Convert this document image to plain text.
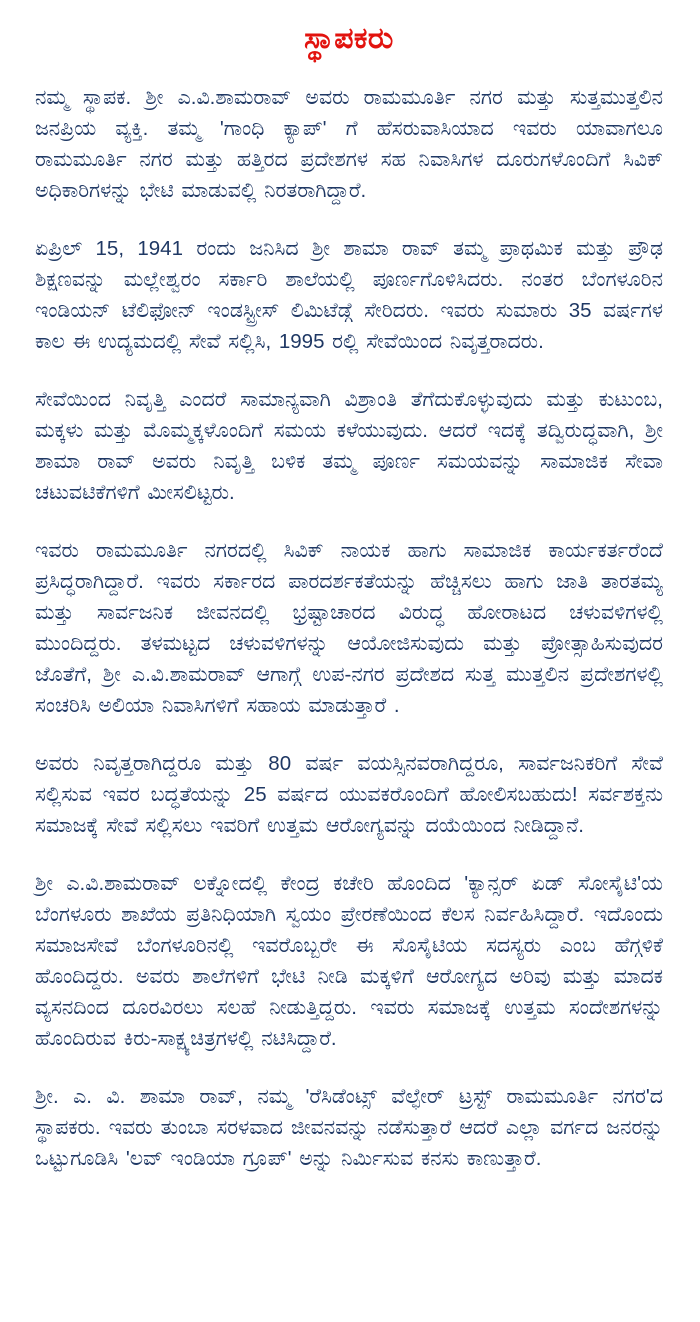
ಸ್ಥಾಪಕರು

ನಮ್ಮ ಸ್ಥಾಪಕ. ಶ್ರೀ ಎ.ವಿ.ಶಾಮರಾವ್ ಅವರು ರಾಮಮೂರ್ತಿ ನಗರ ಮತ್ತು ಸುತ್ತಮುತ್ತಲಿನ ಜನಪ್ರಿಯ ವ್ಯಕ್ತಿ. ತಮ್ಮ 'ಗಾಂಧಿ ಕ್ಯಾಪ್' ಗೆ ಹೆಸರುವಾಸಿಯಾದ ಇವರು ಯಾವಾಗಲೂ ರಾಮಮೂರ್ತಿ ನಗರ ಮತ್ತು ಹತ್ತಿರದ ಪ್ರದೇಶಗಳ ಸಹ ನಿವಾಸಿಗಳ ದೂರುಗಳೊಂದಿಗೆ ಸಿವಿಕ್ ಅಧಿಕಾರಿಗಳನ್ನು ಭೇಟಿ ಮಾಡುವಲ್ಲಿ ನಿರತರಾಗಿದ್ದಾರೆ.

ಏಪ್ರಿಲ್ 15, 1941 ರಂದು ಜನಿಸಿದ ಶ್ರೀ ಶಾಮಾ ರಾವ್ ತಮ್ಮ ಪ್ರಾಥಮಿಕ ಮತ್ತು ಪ್ರೌಢ ಶಿಕ್ಷಣವನ್ನು ಮಲ್ಲೇಶ್ವರಂ ಸರ್ಕಾರಿ ಶಾಲೆಯಲ್ಲಿ ಪೂರ್ಣಗೊಳಿಸಿದರು. ನಂತರ ಬೆಂಗಳೂರಿನ ಇಂಡಿಯನ್ ಟೆಲಿಫೋನ್ ಇಂಡಸ್ಟ್ರೀಸ್ ಲಿಮಿಟೆಡ್ಗೆ ಸೇರಿದರು. ಇವರು ಸುಮಾರು 35 ವರ್ಷಗಳ ಕಾಲ ಈ ಉದ್ಯಮದಲ್ಲಿ ಸೇವೆ ಸಲ್ಲಿಸಿ, 1995 ರಲ್ಲಿ ಸೇವೆಯಿಂದ ನಿವೃತ್ತರಾದರು.

ಸೇವೆಯಿಂದ ನಿವೃತ್ತಿ ಎಂದರೆ ಸಾಮಾನ್ಯವಾಗಿ ವಿಶ್ರಾಂತಿ ತೆಗೆದುಕೊಳ್ಳುವುದು ಮತ್ತು ಕುಟುಂಬ, ಮಕ್ಕಳು ಮತ್ತು ಮೊಮ್ಮಕ್ಕಳೊಂದಿಗೆ ಸಮಯ ಕಳೆಯುವುದು. ಆದರೆ ಇದಕ್ಕೆ ತದ್ವಿರುದ್ಧವಾಗಿ, ಶ್ರೀ ಶಾಮಾ ರಾವ್ ಅವರು ನಿವೃತ್ತಿ ಬಳಿಕ ತಮ್ಮ ಪೂರ್ಣ ಸಮಯವನ್ನು ಸಾಮಾಜಿಕ ಸೇವಾ ಚಟುವಟಿಕೆಗಳಿಗೆ ಮೀಸಲಿಟ್ಟರು.

ಇವರು ರಾಮಮೂರ್ತಿ ನಗರದಲ್ಲಿ ಸಿವಿಕ್ ನಾಯಕ ಹಾಗು ಸಾಮಾಜಿಕ ಕಾರ್ಯಕರ್ತರೆಂದೆ ಪ್ರಸಿದ್ಧರಾಗಿದ್ದಾರೆ. ಇವರು ಸರ್ಕಾರದ ಪಾರದರ್ಶಕತೆಯನ್ನು ಹೆಚ್ಚಿಸಲು ಹಾಗು ಜಾತಿ ತಾರತಮ್ಯ ಮತ್ತು ಸಾರ್ವಜನಿಕ ಜೀವನದಲ್ಲಿ ಭ್ರಷ್ಟಾಚಾರದ ವಿರುದ್ಧ ಹೋರಾಟದ ಚಳುವಳಿಗಳಲ್ಲಿ ಮುಂದಿದ್ದರು. ತಳಮಟ್ಟದ ಚಳುವಳಿಗಳನ್ನು ಆಯೋಜಿಸುವುದು ಮತ್ತು ಪ್ರೋತ್ಸಾಹಿಸುವುದರ ಜೊತೆಗೆ, ಶ್ರೀ ಎ.ವಿ.ಶಾಮರಾವ್ ಆಗಾಗ್ಗೆ ಉಪ-ನಗರ ಪ್ರದೇಶದ ಸುತ್ತ ಮುತ್ತಲಿನ ಪ್ರದೇಶಗಳಲ್ಲಿ ಸಂಚರಿಸಿ ಅಲಿಯಾ ನಿವಾಸಿಗಳಿಗೆ ಸಹಾಯ ಮಾಡುತ್ತಾರೆ .

ಅವರು ನಿವೃತ್ತರಾಗಿದ್ದರೂ ಮತ್ತು 80 ವರ್ಷ ವಯಸ್ಸಿನವರಾಗಿದ್ದರೂ, ಸಾರ್ವಜನಿಕರಿಗೆ ಸೇವೆ ಸಲ್ಲಿಸುವ ಇವರ ಬದ್ಧತೆಯನ್ನು 25 ವರ್ಷದ ಯುವಕರೊಂದಿಗೆ ಹೋಲಿಸಬಹುದು! ಸರ್ವಶಕ್ತನು ಸಮಾಜಕ್ಕೆ ಸೇವೆ ಸಲ್ಲಿಸಲು ಇವರಿಗೆ ಉತ್ತಮ ಆರೋಗ್ಯವನ್ನು ದಯೆಯಿಂದ ನೀಡಿದ್ದಾನೆ.

ಶ್ರೀ ಎ.ವಿ.ಶಾಮರಾವ್ ಲಕ್ನೋದಲ್ಲಿ ಕೇಂದ್ರ ಕಚೇರಿ ಹೊಂದಿದ 'ಕ್ಯಾನ್ಸರ್ ಏಡ್ ಸೋಸೈಟಿ'ಯ ಬೆಂಗಳೂರು ಶಾಖೆಯ ಪ್ರತಿನಿಧಿಯಾಗಿ ಸ್ವಯಂ ಪ್ರೇರಣೆಯಿಂದ ಕೆಲಸ ನಿರ್ವಹಿಸಿದ್ದಾರೆ. ಇದೊಂದು ಸಮಾಜಸೇವೆ ಬೆಂಗಳೂರಿನಲ್ಲಿ ಇವರೊಬ್ಬರೇ ಈ ಸೊಸೈಟಿಯ ಸದಸ್ಯರು ಎಂಬ ಹೆಗ್ಗಳಿಕೆ ಹೊಂದಿದ್ದರು. ಅವರು ಶಾಲೆಗಳಿಗೆ ಭೇಟಿ ನೀಡಿ ಮಕ್ಕಳಿಗೆ ಆರೋಗ್ಯದ ಅರಿವು ಮತ್ತು ಮಾದಕ ವ್ಯಸನದಿಂದ ದೂರವಿರಲು ಸಲಹೆ ನೀಡುತ್ತಿದ್ದರು. ಇವರು ಸಮಾಜಕ್ಕೆ ಉತ್ತಮ ಸಂದೇಶಗಳನ್ನು ಹೊಂದಿರುವ ಕಿರು-ಸಾಕ್ಷ್ಯಚಿತ್ರಗಳಲ್ಲಿ ನಟಿಸಿದ್ದಾರೆ.

ಶ್ರೀ. ಎ. ವಿ. ಶಾಮಾ ರಾವ್, ನಮ್ಮ 'ರೆಸಿಡೆಂಟ್ಸ್ ವೆಲ್ಫೇರ್ ಟ್ರಸ್ಟ್ ರಾಮಮೂರ್ತಿ ನಗರ'ದ ಸ್ಥಾಪಕರು. ಇವರು ತುಂಬಾ ಸರಳವಾದ ಜೀವನವನ್ನು ನಡೆಸುತ್ತಾರೆ ಆದರೆ ಎಲ್ಲಾ ವರ್ಗದ ಜನರನ್ನು ಒಟ್ಟುಗೂಡಿಸಿ 'ಲವ್ ಇಂಡಿಯಾ ಗ್ರೂಪ್' ಅನ್ನು ನಿರ್ಮಿಸುವ ಕನಸು ಕಾಣುತ್ತಾರೆ.
